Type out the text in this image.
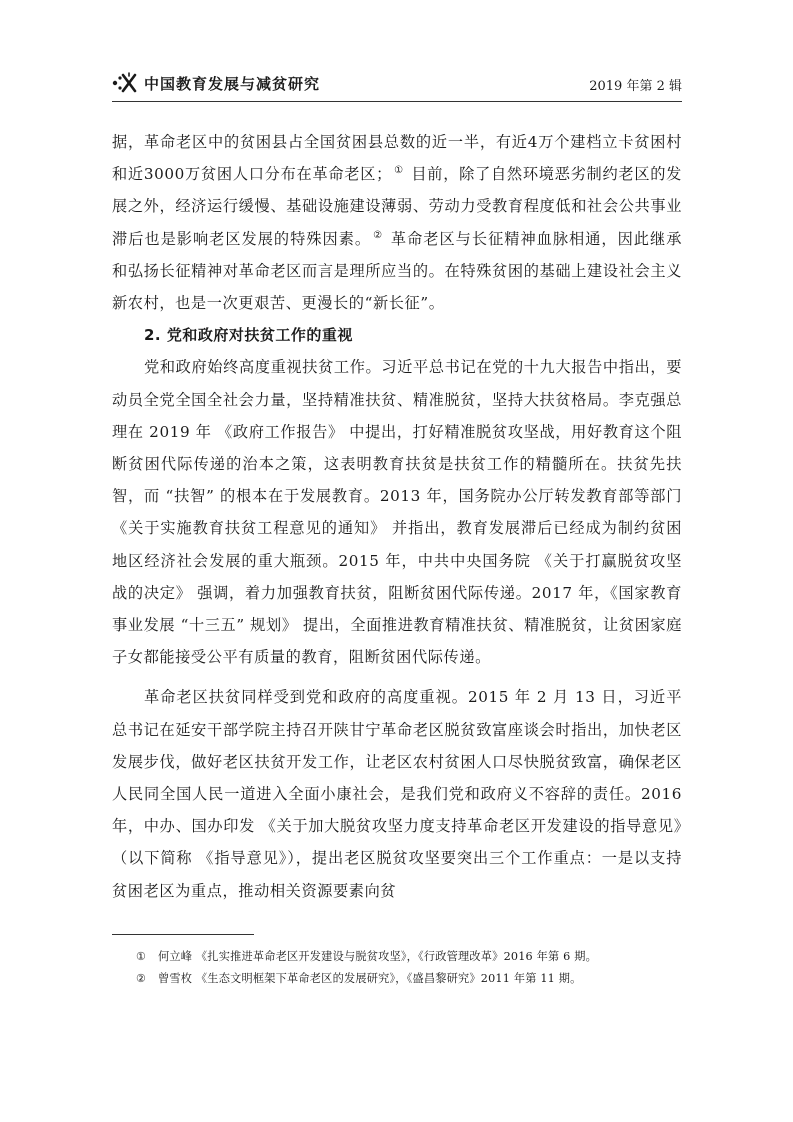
中国教育发展与减贫研究	2019 年第 2 辑

据，革命老区中的贫困县占全国贫困县总数的近一半，有近4万个建档立卡贫困村和近3000万贫困人口分布在革命老区； ① 目前，除了自然环境恶劣制约老区的发展之外，经济运行缓慢、基础设施建设薄弱、劳动力受教育程度低和社会公共事业滞后也是影响老区发展的特殊因素。 ② 革命老区与长征精神血脉相通，因此继承和弘扬长征精神对革命老区而言是理所应当的。在特殊贫困的基础上建设社会主义新农村，也是一次更艰苦、更漫长的“新长征”。

2. 党和政府对扶贫工作的重视

党和政府始终高度重视扶贫工作。习近平总书记在党的十九大报告中指出，要动员全党全国全社会力量，坚持精准扶贫、精准脱贫，坚持大扶贫格局。李克强总理在 2019 年 《政府工作报告》 中提出，打好精准脱贫攻坚战，用好教育这个阻断贫困代际传递的治本之策，这表明教育扶贫是扶贫工作的精髓所在。扶贫先扶智，而 “扶智” 的根本在于发展教育。2013 年，国务院办公厅转发教育部等部门 《关于实施教育扶贫工程意见的通知》 并指出，教育发展滞后已经成为制约贫困地区经济社会发展的重大瓶颈。2015 年，中共中央国务院 《关于打赢脱贫攻坚战的决定》 强调，着力加强教育扶贫，阻断贫困代际传递。2017 年，《国家教育事业发展 “十三五” 规划》 提出，全面推进教育精准扶贫、精准脱贫，让贫困家庭子女都能接受公平有质量的教育，阻断贫困代际传递。

革命老区扶贫同样受到党和政府的高度重视。2015 年 2 月 13 日，习近平总书记在延安干部学院主持召开陕甘宁革命老区脱贫致富座谈会时指出，加快老区发展步伐，做好老区扶贫开发工作，让老区农村贫困人口尽快脱贫致富，确保老区人民同全国人民一道进入全面小康社会，是我们党和政府义不容辞的责任。2016 年，中办、国办印发 《关于加大脱贫攻坚力度支持革命老区开发建设的指导意见》（以下简称 《指导意见》），提出老区脱贫攻坚要突出三个工作重点：一是以支持贫困老区为重点，推动相关资源要素向贫

① 何立峰 《扎实推进革命老区开发建设与脱贫攻坚》，《行政管理改革》2016 年第 6 期。
② 曾雪枚 《生态文明框架下革命老区的发展研究》，《盛昌黎研究》2011 年第 11 期。
